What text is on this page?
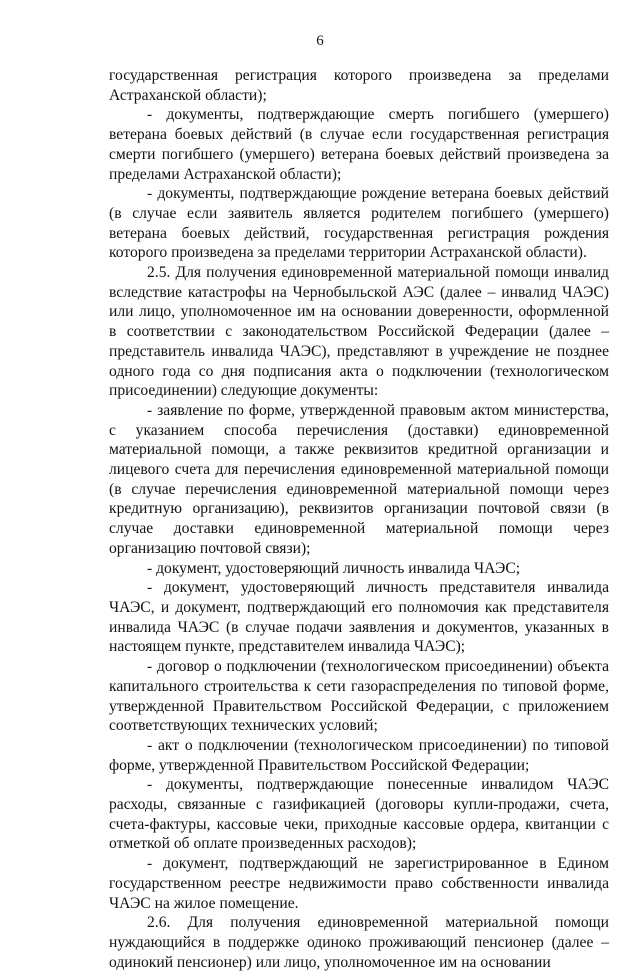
6

государственная регистрация которого произведена за пределами Астраханской области);

- документы, подтверждающие смерть погибшего (умершего) ветерана боевых действий (в случае если государственная регистрация смерти погибшего (умершего) ветерана боевых действий произведена за пределами Астраханской области);

- документы, подтверждающие рождение ветерана боевых действий (в случае если заявитель является родителем погибшего (умершего) ветерана боевых действий, государственная регистрация рождения которого произведена за пределами территории Астраханской области).

2.5. Для получения единовременной материальной помощи инвалид вследствие катастрофы на Чернобыльской АЭС (далее – инвалид ЧАЭС) или лицо, уполномоченное им на основании доверенности, оформленной в соответствии с законодательством Российской Федерации (далее – представитель инвалида ЧАЭС), представляют в учреждение не позднее одного года со дня подписания акта о подключении (технологическом присоединении) следующие документы:

- заявление по форме, утвержденной правовым актом министерства, с указанием способа перечисления (доставки) единовременной материальной помощи, а также реквизитов кредитной организации и лицевого счета для перечисления единовременной материальной помощи (в случае перечисления единовременной материальной помощи через кредитную организацию), реквизитов организации почтовой связи (в случае доставки единовременной материальной помощи через организацию почтовой связи);

- документ, удостоверяющий личность инвалида ЧАЭС;

- документ, удостоверяющий личность представителя инвалида ЧАЭС, и документ, подтверждающий его полномочия как представителя инвалида ЧАЭС (в случае подачи заявления и документов, указанных в настоящем пункте, представителем инвалида ЧАЭС);

- договор о подключении (технологическом присоединении) объекта капитального строительства к сети газораспределения по типовой форме, утвержденной Правительством Российской Федерации, с приложением соответствующих технических условий;

- акт о подключении (технологическом присоединении) по типовой форме, утвержденной Правительством Российской Федерации;

- документы, подтверждающие понесенные инвалидом ЧАЭС расходы, связанные с газификацией (договоры купли-продажи, счета, счета-фактуры, кассовые чеки, приходные кассовые ордера, квитанции с отметкой об оплате произведенных расходов);

- документ, подтверждающий не зарегистрированное в Едином государственном реестре недвижимости право собственности инвалида ЧАЭС на жилое помещение.

2.6. Для получения единовременной материальной помощи нуждающийся в поддержке одиноко проживающий пенсионер (далее – одинокий пенсионер) или лицо, уполномоченное им на основании
